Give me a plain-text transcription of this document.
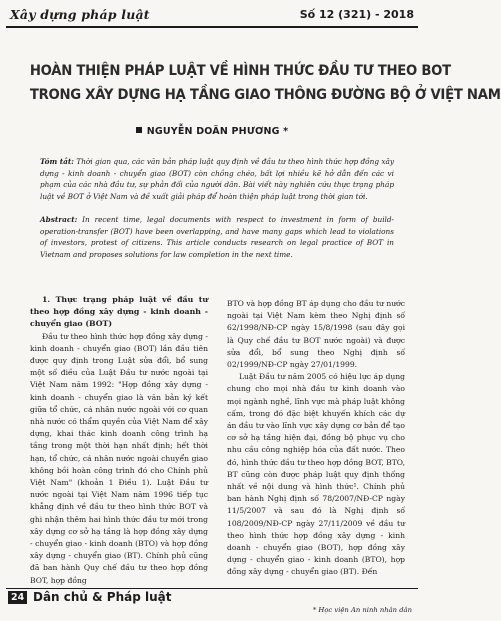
Xây dựng pháp luật	Số 12 (321) - 2018
HOÀN THIỆN PHÁP LUẬT VỀ HÌNH THỨC ĐẦU TƯ THEO BOT
TRONG XÂY DỰNG HẠ TẦNG GIAO THÔNG ĐƯỜNG BỘ Ở VIỆT NAM
NGUYỄN DOÃN PHƯƠNG *
Tóm tắt: Thời gian qua, các văn bản pháp luật quy định về đầu tư theo hình thức hợp đồng xây dựng - kinh doanh - chuyển giao (BOT) còn chồng chéo, bất lợi nhiều kẽ hở dẫn đến các vi phạm của các nhà đầu tư, sự phản đối của người dân. Bài viết này nghiên cứu thực trạng pháp luật về BOT ở Việt Nam và đề xuất giải pháp để hoàn thiện pháp luật trong thời gian tới.
Abstract: In recent time, legal documents with respect to investment in form of build-operation-transfer (BOT) have been overlapping, and have many gaps which lead to violations of investors, protest of citizens. This article conducts research on legal practice of BOT in Vietnam and proposes solutions for law completion in the next time.

1. Thực trạng pháp luật về đầu tư theo hợp đồng xây dựng - kinh doanh - chuyển giao (BOT)

Đầu tư theo hình thức hợp đồng xây dựng - kinh doanh - chuyển giao (BOT) lần đầu tiên được quy định trong Luật sửa đổi, bổ sung một số điều của Luật Đầu tư nước ngoài tại Việt Nam năm 1992: "Hợp đồng xây dựng - kinh doanh - chuyển giao là văn bản ký kết giữa tổ chức, cá nhân nước ngoài với cơ quan nhà nước có thẩm quyền của Việt Nam để xây dựng, khai thác kinh doanh công trình hạ tầng trong một thời hạn nhất định; hết thời hạn, tổ chức, cá nhân nước ngoài chuyển giao không bồi hoàn công trình đó cho Chính phủ Việt Nam" (khoản 1 Điều 1). Luật Đầu tư nước ngoài tại Việt Nam năm 1996 tiếp tục khẳng định về đầu tư theo hình thức BOT và ghi nhận thêm hai hình thức đầu tư mới trong xây dựng cơ sở hạ tầng là hợp đồng xây dựng - chuyển giao - kinh doanh (BTO) và hợp đồng xây dựng - chuyển giao (BT). Chính phủ cũng đã ban hành Quy chế đầu tư theo hợp đồng BOT, hợp đồng

BTO và hợp đồng BT áp dụng cho đầu tư nước ngoài tại Việt Nam kèm theo Nghị định số 62/1998/NĐ-CP ngày 15/8/1998 (sau đây gọi là Quy chế đầu tư BOT nước ngoài) và được sửa đổi, bổ sung theo Nghị định số 02/1999/NĐ-CP ngày 27/01/1999.

Luật Đầu tư năm 2005 có hiệu lực áp dụng chung cho mọi nhà đầu tư kinh doanh vào mọi ngành nghề, lĩnh vực mà pháp luật không cấm, trong đó đặc biệt khuyến khích các dự án đầu tư vào lĩnh vực xây dựng cơ bản để tạo cơ sở hạ tầng hiện đại, đồng bộ phục vụ cho nhu cầu công nghiệp hóa của đất nước. Theo đó, hình thức đầu tư theo hợp đồng BOT, BTO, BT cũng còn được pháp luật quy định thống nhất về nội dung và hình thức¹. Chính phủ ban hành Nghị định số 78/2007/NĐ-CP ngày 11/5/2007 và sau đó là Nghị định số 108/2009/NĐ-CP ngày 27/11/2009 về đầu tư theo hình thức hợp đồng xây dựng - kinh doanh - chuyển giao (BOT), hợp đồng xây dựng - chuyển giao - kinh doanh (BTO), hợp đồng xây dựng - chuyển giao (BT). Đến

24 Dân chủ & Pháp luật
* Học viện An ninh nhân dân
